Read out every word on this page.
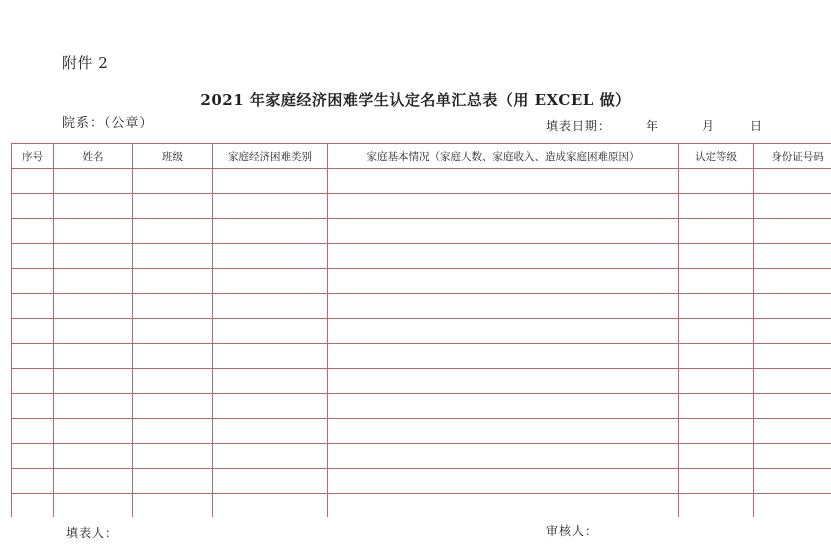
附件 2
2021 年家庭经济困难学生认定名单汇总表（用 EXCEL 做）
院系：（公章）	填表日期：	年	月	日
序号	姓名	班级	家庭经济困难类别	家庭基本情况（家庭人数、家庭收入、造成家庭困难原因）	认定等级	身份证号码

填表人：	审核人：
